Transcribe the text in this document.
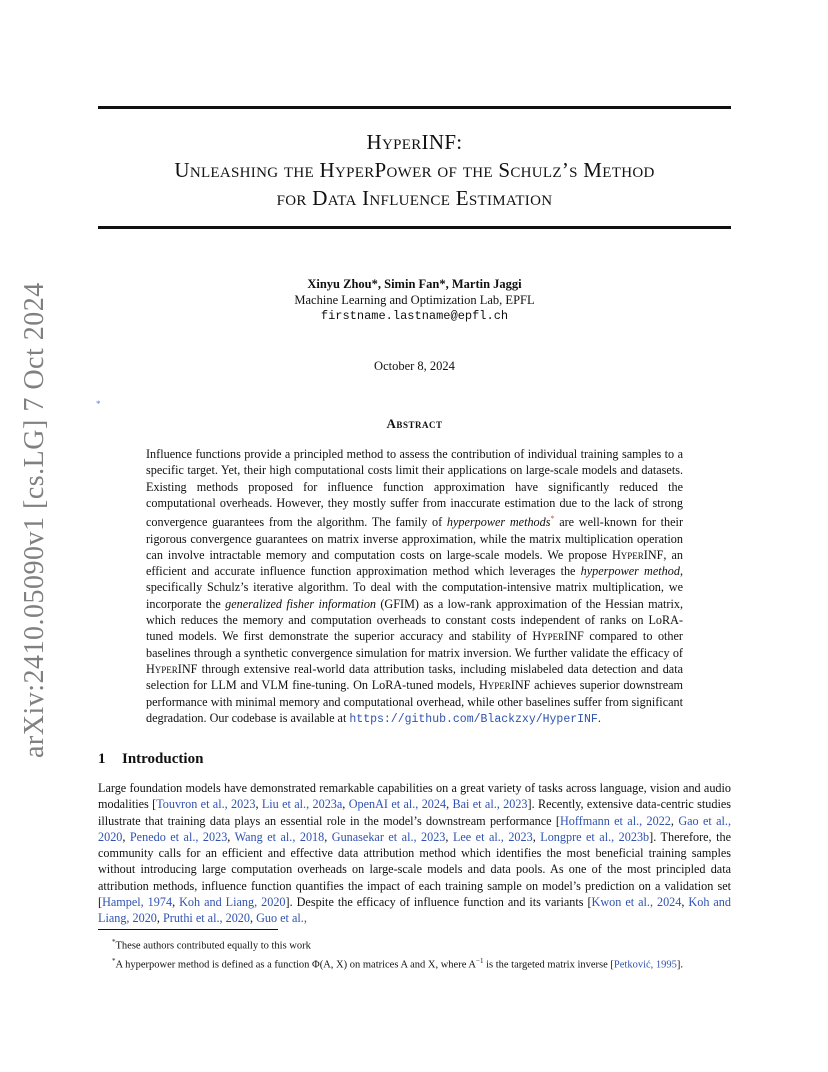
arXiv:2410.05090v1 [cs.LG] 7 Oct 2024
HyperINF:
Unleashing the HyperPower of the Schulz’s Method
for Data Influence Estimation
Xinyu Zhou*, Simin Fan*, Martin Jaggi
Machine Learning and Optimization Lab, EPFL
firstname.lastname@epfl.ch
October 8, 2024
*
Abstract
Influence functions provide a principled method to assess the contribution of individual training samples to a specific target. Yet, their high computational costs limit their applications on large-scale models and datasets. Existing methods proposed for influence function approximation have significantly reduced the computational overheads. However, they mostly suffer from inaccurate estimation due to the lack of strong convergence guarantees from the algorithm. The family of hyperpower methods* are well-known for their rigorous convergence guarantees on matrix inverse approximation, while the matrix multiplication operation can involve intractable memory and computation costs on large-scale models. We propose HyperINF, an efficient and accurate influence function approximation method which leverages the hyperpower method, specifically Schulz’s iterative algorithm. To deal with the computation-intensive matrix multiplication, we incorporate the generalized fisher information (GFIM) as a low-rank approximation of the Hessian matrix, which reduces the memory and computation overheads to constant costs independent of ranks on LoRA-tuned models. We first demonstrate the superior accuracy and stability of HyperINF compared to other baselines through a synthetic convergence simulation for matrix inversion. We further validate the efficacy of HyperINF through extensive real-world data attribution tasks, including mislabeled data detection and data selection for LLM and VLM fine-tuning. On LoRA-tuned models, HyperINF achieves superior downstream performance with minimal memory and computational overhead, while other baselines suffer from significant degradation. Our codebase is available at https://github.com/Blackzxy/HyperINF.
1 Introduction
Large foundation models have demonstrated remarkable capabilities on a great variety of tasks across language, vision and audio modalities [Touvron et al., 2023, Liu et al., 2023a, OpenAI et al., 2024, Bai et al., 2023]. Recently, extensive data-centric studies illustrate that training data plays an essential role in the model’s downstream performance [Hoffmann et al., 2022, Gao et al., 2020, Penedo et al., 2023, Wang et al., 2018, Gunasekar et al., 2023, Lee et al., 2023, Longpre et al., 2023b]. Therefore, the community calls for an efficient and effective data attribution method which identifies the most beneficial training samples without introducing large computation overheads on large-scale models and data pools. As one of the most principled data attribution methods, influence function quantifies the impact of each training sample on model’s prediction on a validation set [Hampel, 1974, Koh and Liang, 2020]. Despite the efficacy of influence function and its variants [Kwon et al., 2024, Koh and Liang, 2020, Pruthi et al., 2020, Guo et al.,

*These authors contributed equally to this work

*A hyperpower method is defined as a function Φ(A, X) on matrices A and X, where $A^{-1}$ is the targeted matrix inverse [Petković, 1995].
